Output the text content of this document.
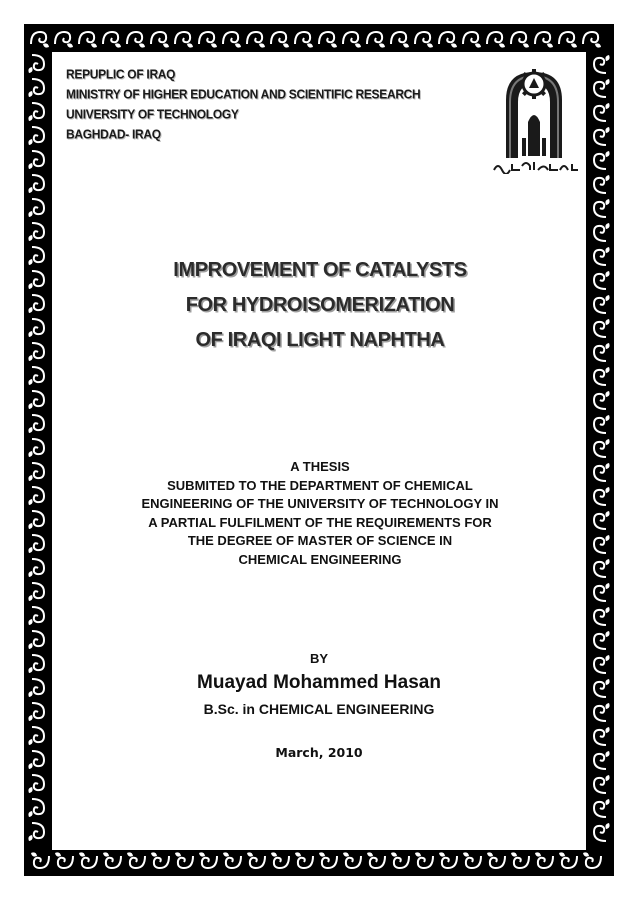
REPUPLIC OF IRAQ
MINISTRY OF HIGHER EDUCATION AND SCIENTIFIC RESEARCH
UNIVERSITY OF TECHNOLOGY
BAGHDAD- IRAQ
IMPROVEMENT OF CATALYSTS
FOR HYDROISOMERIZATION
OF IRAQI LIGHT NAPHTHA
A THESIS
SUBMITED TO THE DEPARTMENT OF CHEMICAL
ENGINEERING OF THE UNIVERSITY OF TECHNOLOGY IN
A PARTIAL FULFILMENT OF THE REQUIREMENTS FOR
THE DEGREE OF MASTER OF SCIENCE IN
CHEMICAL ENGINEERING
BY
Muayad Mohammed Hasan
B.Sc. in CHEMICAL ENGINEERING
March, 2010
